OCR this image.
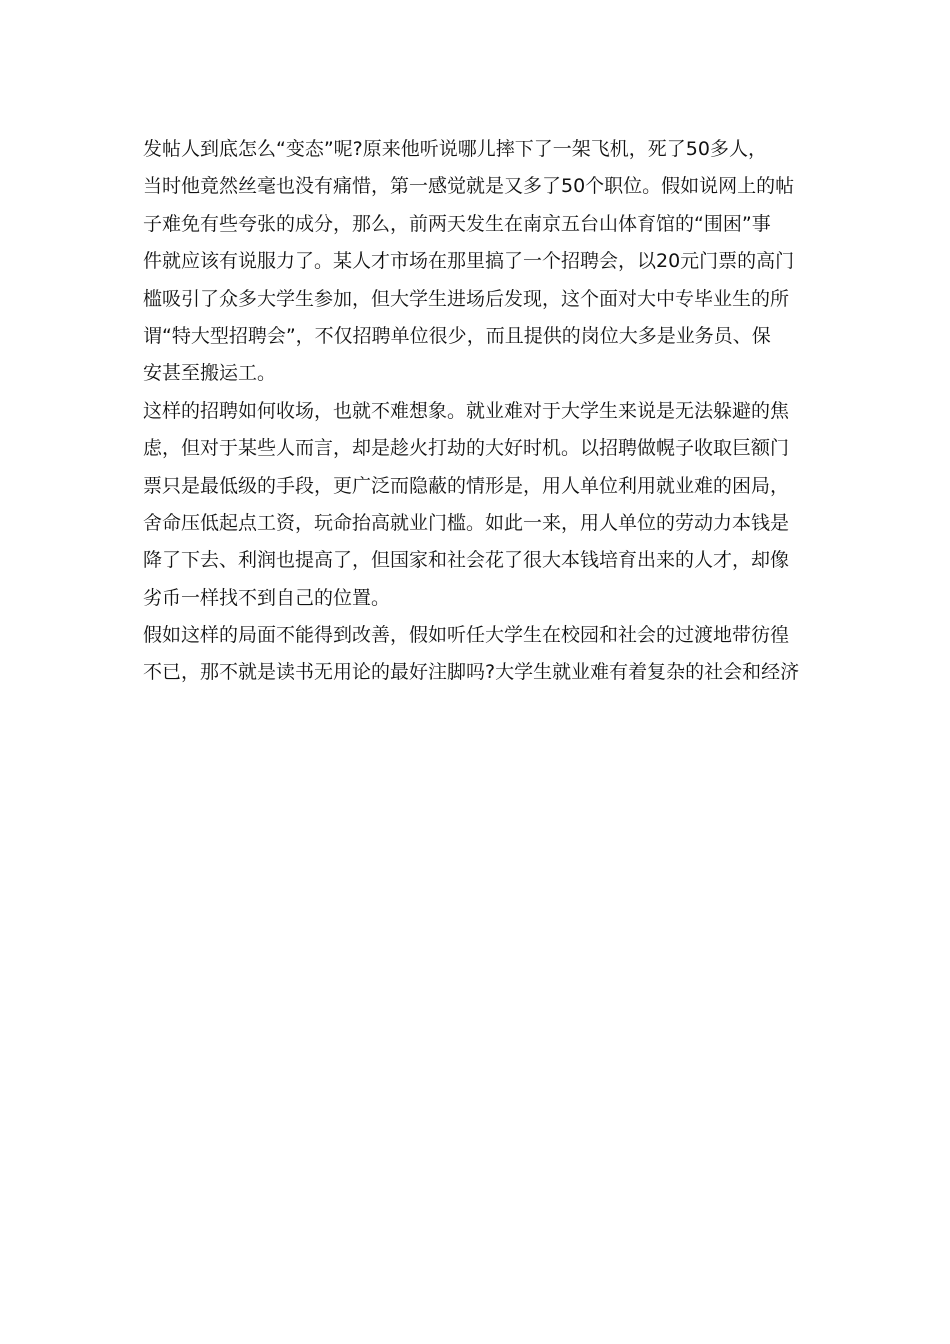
发帖人到底怎么“变态”呢?原来他听说哪儿摔下了一架飞机，死了50多人，
当时他竟然丝毫也没有痛惜，第一感觉就是又多了50个职位。假如说网上的帖
子难免有些夸张的成分，那么，前两天发生在南京五台山体育馆的“围困”事
件就应该有说服力了。某人才市场在那里搞了一个招聘会，以20元门票的高门
槛吸引了众多大学生参加，但大学生进场后发现，这个面对大中专毕业生的所
谓“特大型招聘会”，不仅招聘单位很少，而且提供的岗位大多是业务员、保
安甚至搬运工。
这样的招聘如何收场，也就不难想象。就业难对于大学生来说是无法躲避的焦
虑，但对于某些人而言，却是趁火打劫的大好时机。以招聘做幌子收取巨额门
票只是最低级的手段，更广泛而隐蔽的情形是，用人单位利用就业难的困局，
舍命压低起点工资，玩命抬高就业门槛。如此一来，用人单位的劳动力本钱是
降了下去、利润也提高了，但国家和社会花了很大本钱培育出来的人才，却像
劣币一样找不到自己的位置。
假如这样的局面不能得到改善，假如听任大学生在校园和社会的过渡地带彷徨
不已，那不就是读书无用论的最好注脚吗?大学生就业难有着复杂的社会和经济
